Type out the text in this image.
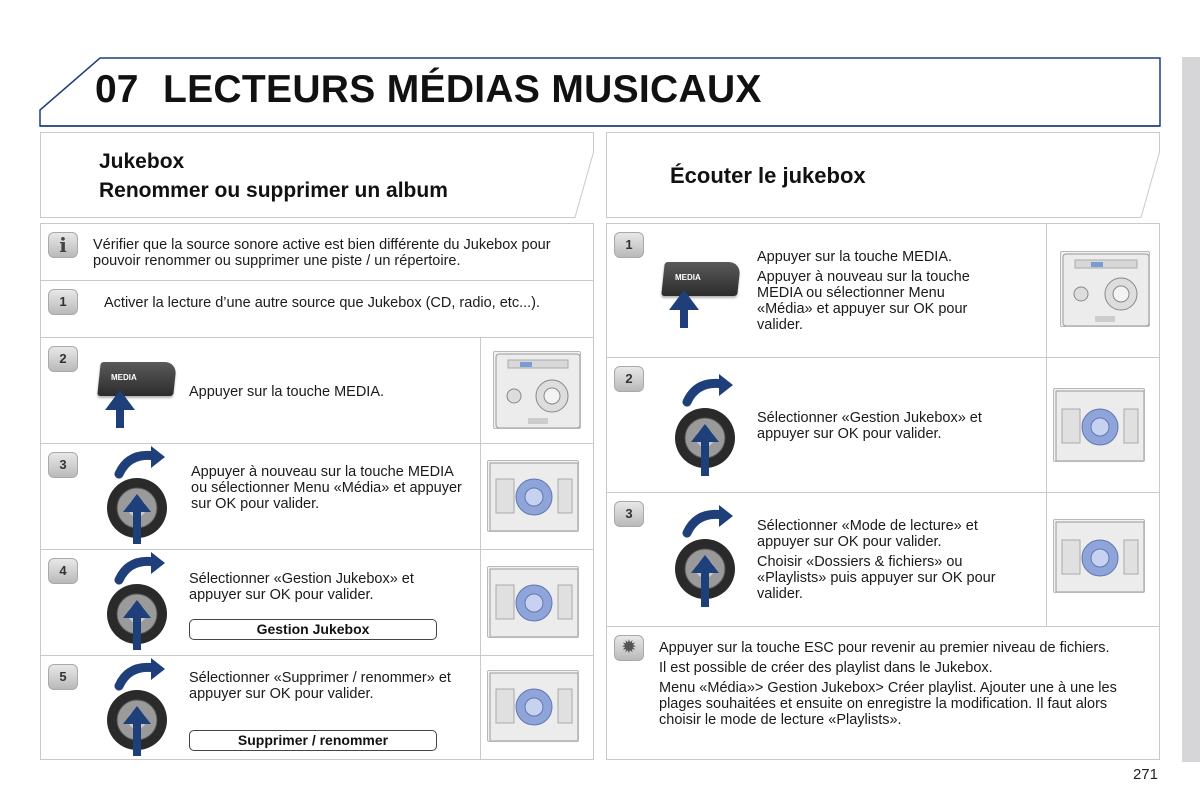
07 LECTEURS MÉDIAS MUSICAUX
Jukebox
Renommer ou supprimer un album
i	Vérifier que la source sonore active est bien différente du Jukebox pour pouvoir renommer ou supprimer une piste / un répertoire.
1	Activer la lecture d’une autre source que Jukebox (CD, radio, etc...).
2
MEDIA
Appuyer sur la touche MEDIA.
3	Appuyer à nouveau sur la touche MEDIA ou sélectionner Menu «Média» et appuyer sur OK pour valider.
4
Sélectionner «Gestion Jukebox» et appuyer sur OK pour valider.
Gestion Jukebox
5	Sélectionner «Supprimer / renommer» et appuyer sur OK pour valider.
Supprimer / renommer
Écouter le jukebox
1
MEDIA

Appuyer sur la touche MEDIA.

Appuyer à nouveau sur la touche MEDIA ou sélectionner Menu «Média» et appuyer sur OK pour valider.

2
Sélectionner «Gestion Jukebox» et appuyer sur OK pour valider.
3

Sélectionner «Mode de lecture» et appuyer sur OK pour valider.

Choisir «Dossiers & fichiers» ou «Playlists» puis appuyer sur OK pour valider.

✹	Appuyer sur la touche ESC pour revenir au premier niveau de fichiers.

Il est possible de créer des playlist dans le Jukebox.

Menu «Média»> Gestion Jukebox> Créer playlist. Ajouter une à une les plages souhaitées et ensuite on enregistre la modification. Il faut alors choisir le mode de lecture «Playlists».

271
